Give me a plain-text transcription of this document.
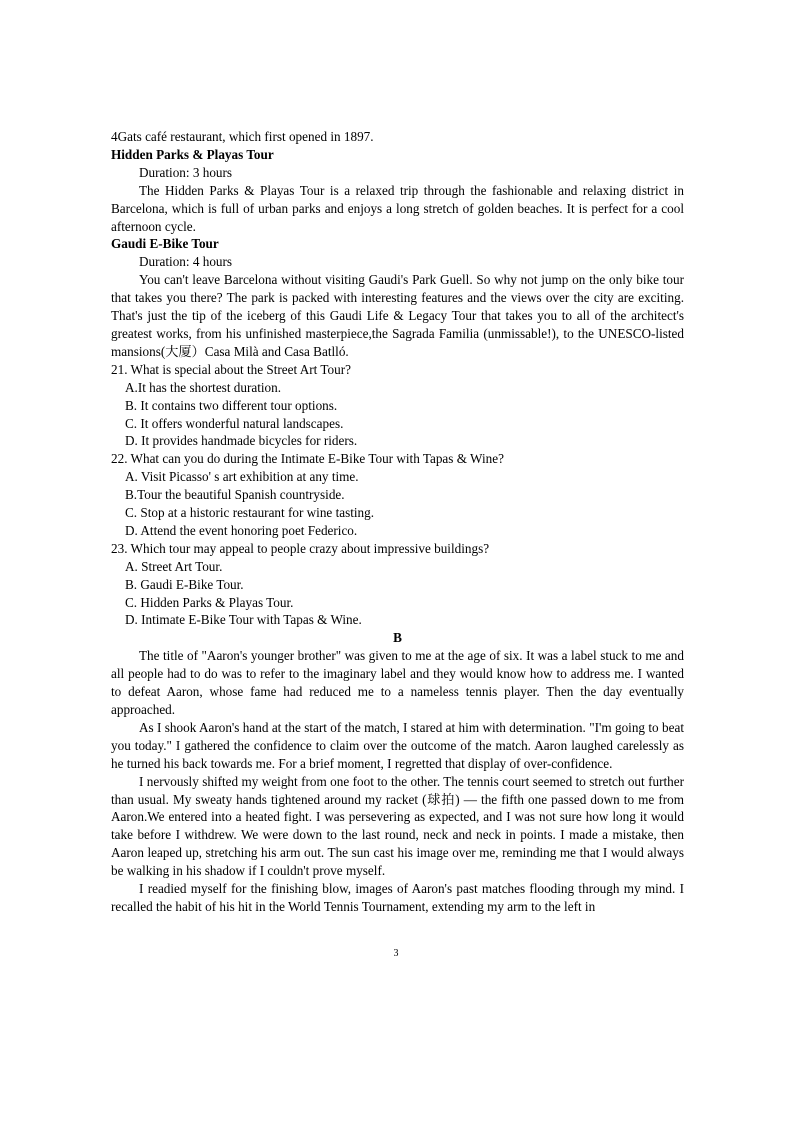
4Gats café restaurant, which first opened in 1897.

Hidden Parks & Playas Tour

Duration: 3 hours

The Hidden Parks & Playas Tour is a relaxed trip through the fashionable and relaxing district in Barcelona, which is full of urban parks and enjoys a long stretch of golden beaches. It is perfect for a cool afternoon cycle.

Gaudi E-Bike Tour

Duration: 4 hours

You can't leave Barcelona without visiting Gaudi's Park Guell. So why not jump on the only bike tour that takes you there? The park is packed with interesting features and the views over the city are exciting. That's just the tip of the iceberg of this Gaudi Life & Legacy Tour that takes you to all of the architect's greatest works, from his unfinished masterpiece,the Sagrada Familia (unmissable!), to the UNESCO-listed mansions(大厦）Casa Milà and Casa Batlló.

21. What is special about the Street Art Tour?

A.It has the shortest duration.

B. It contains two different tour options.

C. It offers wonderful natural landscapes.

D. It provides handmade bicycles for riders.

22. What can you do during the Intimate E-Bike Tour with Tapas & Wine?

A. Visit Picasso' s art exhibition at any time.

B.Tour the beautiful Spanish countryside.

C. Stop at a historic restaurant for wine tasting.

D. Attend the event honoring poet Federico.

23. Which tour may appeal to people crazy about impressive buildings?

A. Street Art Tour.

B. Gaudi E-Bike Tour.

C. Hidden Parks & Playas Tour.

D. Intimate E-Bike Tour with Tapas & Wine.

B

The title of "Aaron's younger brother" was given to me at the age of six. It was a label stuck to me and all people had to do was to refer to the imaginary label and they would know how to address me. I wanted to defeat Aaron, whose fame had reduced me to a nameless tennis player. Then the day eventually approached.

As I shook Aaron's hand at the start of the match, I stared at him with determination. "I'm going to beat you today." I gathered the confidence to claim over the outcome of the match. Aaron laughed carelessly as he turned his back towards me. For a brief moment, I regretted that display of over-confidence.

I nervously shifted my weight from one foot to the other. The tennis court seemed to stretch out further than usual. My sweaty hands tightened around my racket (球拍) — the fifth one passed down to me from Aaron.We entered into a heated fight. I was persevering as expected, and I was not sure how long it would take before I withdrew. We were down to the last round, neck and neck in points. I made a mistake, then Aaron leaped up, stretching his arm out. The sun cast his image over me, reminding me that I would always be walking in his shadow if I couldn't prove myself.

I readied myself for the finishing blow, images of Aaron's past matches flooding through my mind. I recalled the habit of his hit in the World Tennis Tournament, extending my arm to the left in

3
